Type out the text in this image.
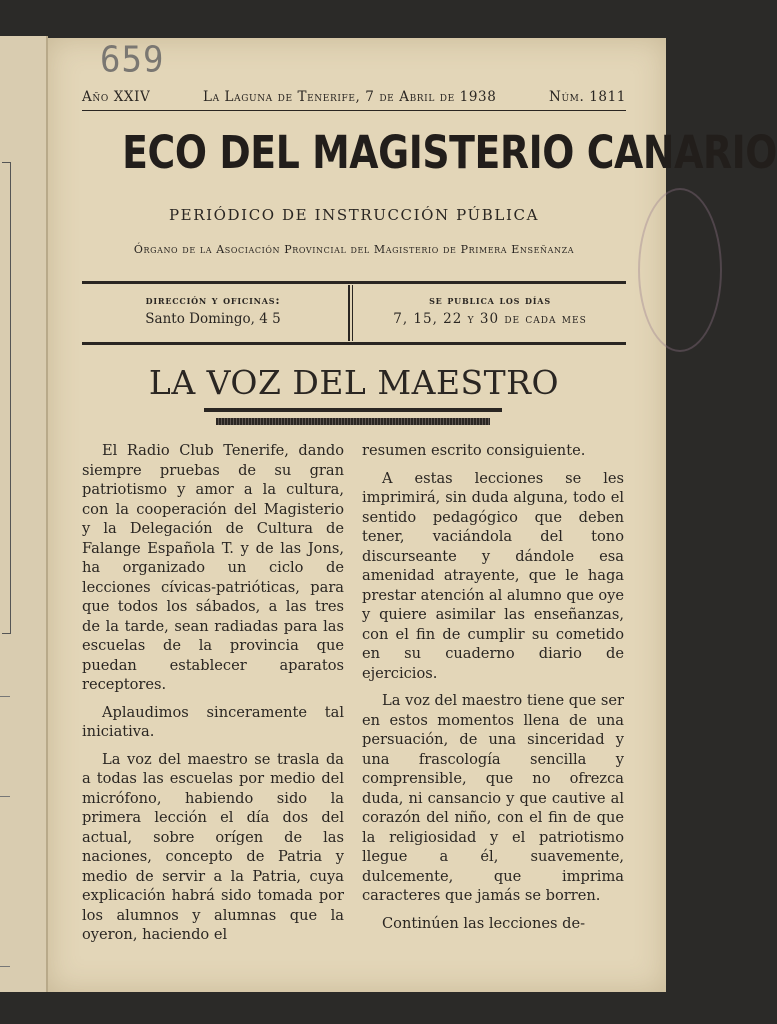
659
Año XXIV	La Laguna de Tenerife, 7 de Abril de 1938	Núm. 1811
ECO DEL MAGISTERIO CANARIO
PERIÓDICO DE INSTRUCCIÓN PÚBLICA
Órgano de la Asociación Provincial del Magisterio de Primera Enseñanza
dirección y oficinas:
Santo Domingo, 4 5
se publica los días
7, 15, 22 y 30 de cada mes
LA VOZ DEL MAESTRO

El Radio Club Tenerife, dando siempre pruebas de su gran patriotismo y amor a la cultura, con la cooperación del Magisterio y la Delegación de Cultura de Falange Española T. y de las Jons, ha organizado un ciclo de lecciones cívicas-patrióticas, para que todos los sábados, a las tres de la tarde, sean radiadas para las escuelas de la provincia que puedan establecer aparatos receptores.

Aplaudimos sinceramente tal iniciativa.

La voz del maestro se trasla da a todas las escuelas por medio del micrófono, habiendo sido la primera lección el día dos del actual, sobre orígen de las naciones, concepto de Patria y medio de servir a la Patria, cuya explicación habrá sido tomada por los alumnos y alumnas que la oyeron, haciendo el

resumen escrito consiguiente.

A estas lecciones se les imprimirá, sin duda alguna, todo el sentido pedagógico que deben tener, vaciándola del tono discurseante y dándole esa amenidad atrayente, que le haga prestar atención al alumno que oye y quiere asimilar las enseñanzas, con el fin de cumplir su cometido en su cuaderno diario de ejercicios.

La voz del maestro tiene que ser en estos momentos llena de una persuación, de una sinceridad y una frascología sencilla y comprensible, que no ofrezca duda, ni cansancio y que cautive al corazón del niño, con el fin de que la religiosidad y el patriotismo llegue a él, suavemente, dulcemente, que imprima caracteres que jamás se borren.

Continúen las lecciones de-
